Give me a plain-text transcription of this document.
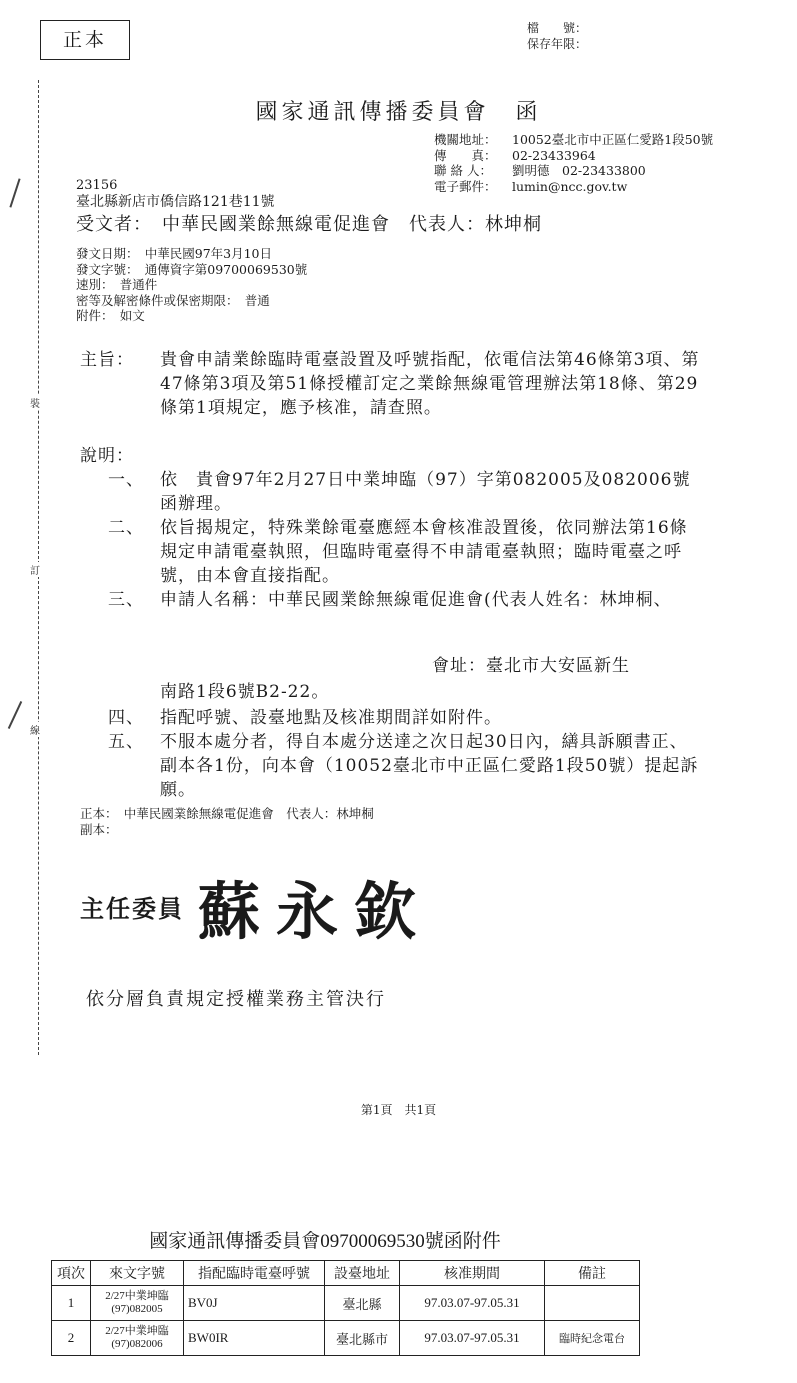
正本
檔　　號：
保存年限：
裝
訂
線
國家通訊傳播委員會　函
機關地址：	10052臺北市中正區仁愛路1段50號
傳　　真：	02-23433964
聯 絡 人：	劉明德　02-23433800
電子郵件：	lumin@ncc.gov.tw
23156
臺北縣新店市僑信路121巷11號
受文者：　中華民國業餘無線電促進會　代表人：林坤桐
發文日期：　中華民國97年3月10日
發文字號：　通傳資字第09700069530號
速別：　普通件
密等及解密條件或保密期限：　普通
附件：　如文
主旨：	貴會申請業餘臨時電臺設置及呼號指配，依電信法第46條第3項、第47條第3項及第51條授權訂定之業餘無線電管理辦法第18條、第29條第1項規定，應予核准，請查照。
說明：
一、 依　貴會97年2月27日中業坤臨（97）字第082005及082006號函辦理。
二、 依旨揭規定，特殊業餘電臺應經本會核准設置後，依同辦法第16條規定申請電臺執照，但臨時電臺得不申請電臺執照；臨時電臺之呼號，由本會直接指配。
三、 申請人名稱：中華民國業餘無線電促進會(代表人姓名：林坤桐、
會址：臺北市大安區新生
南路1段6號B2-22。
四、 指配呼號、設臺地點及核准期間詳如附件。
五、 不服本處分者，得自本處分送達之次日起30日內，繕具訴願書正、副本各1份，向本會（10052臺北市中正區仁愛路1段50號）提起訴願。
正本：　中華民國業餘無線電促進會　代表人：林坤桐
副本：
主任委員 蘇永欽
依分層負責規定授權業務主管決行
第1頁　共1頁
國家通訊傳播委員會09700069530號函附件
項次	來文字號	指配臨時電臺呼號	設臺地址	核准期間	備註
1	2/27中業坤臨 (97)082005	BV0J	臺北縣	97.03.07-97.05.31	
2	2/27中業坤臨 (97)082006	BW0IR	臺北縣市	97.03.07-97.05.31	臨時紀念電台
